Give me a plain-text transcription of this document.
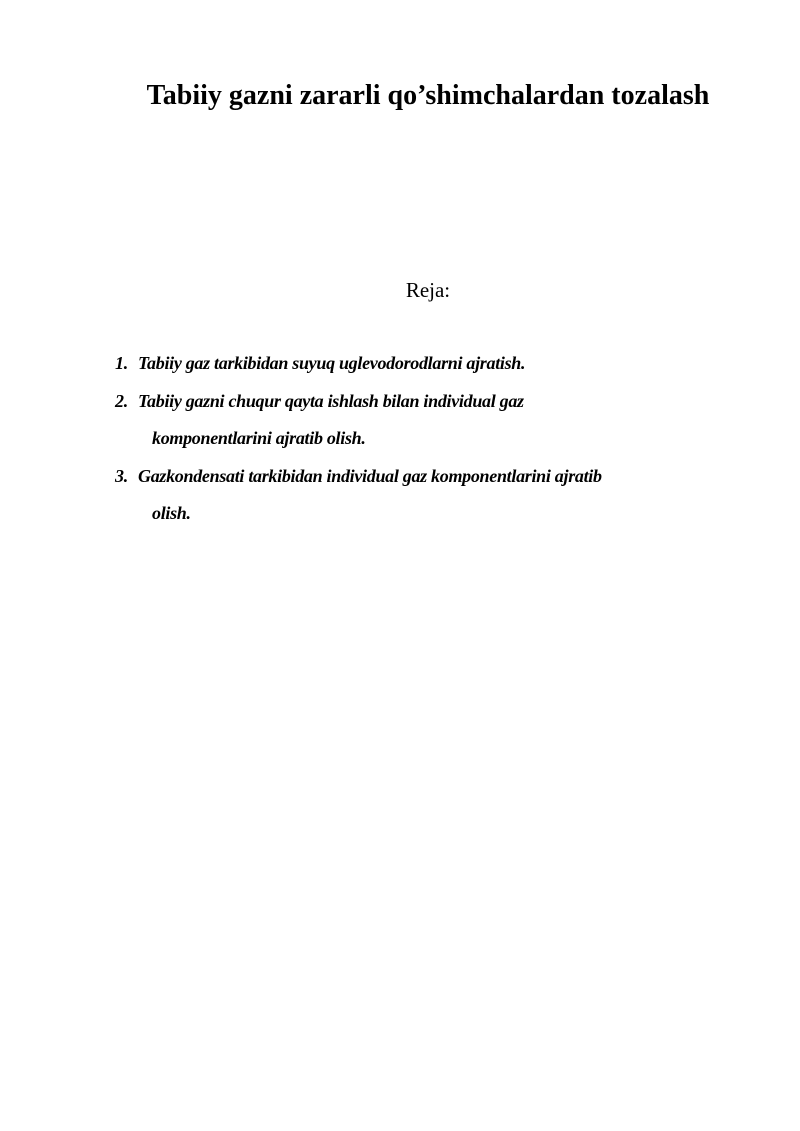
Tabiiy gazni zararli qo’shimchalardan tozalash
Reja:
1. Tabiiy gaz tarkibidan suyuq uglevodorodlarni ajratish.
2. Tabiiy gazni chuqur qayta ishlash bilan individual gaz
komponentlarini ajratib olish.
3. Gazkondensati tarkibidan individual gaz komponentlarini ajratib
olish.
